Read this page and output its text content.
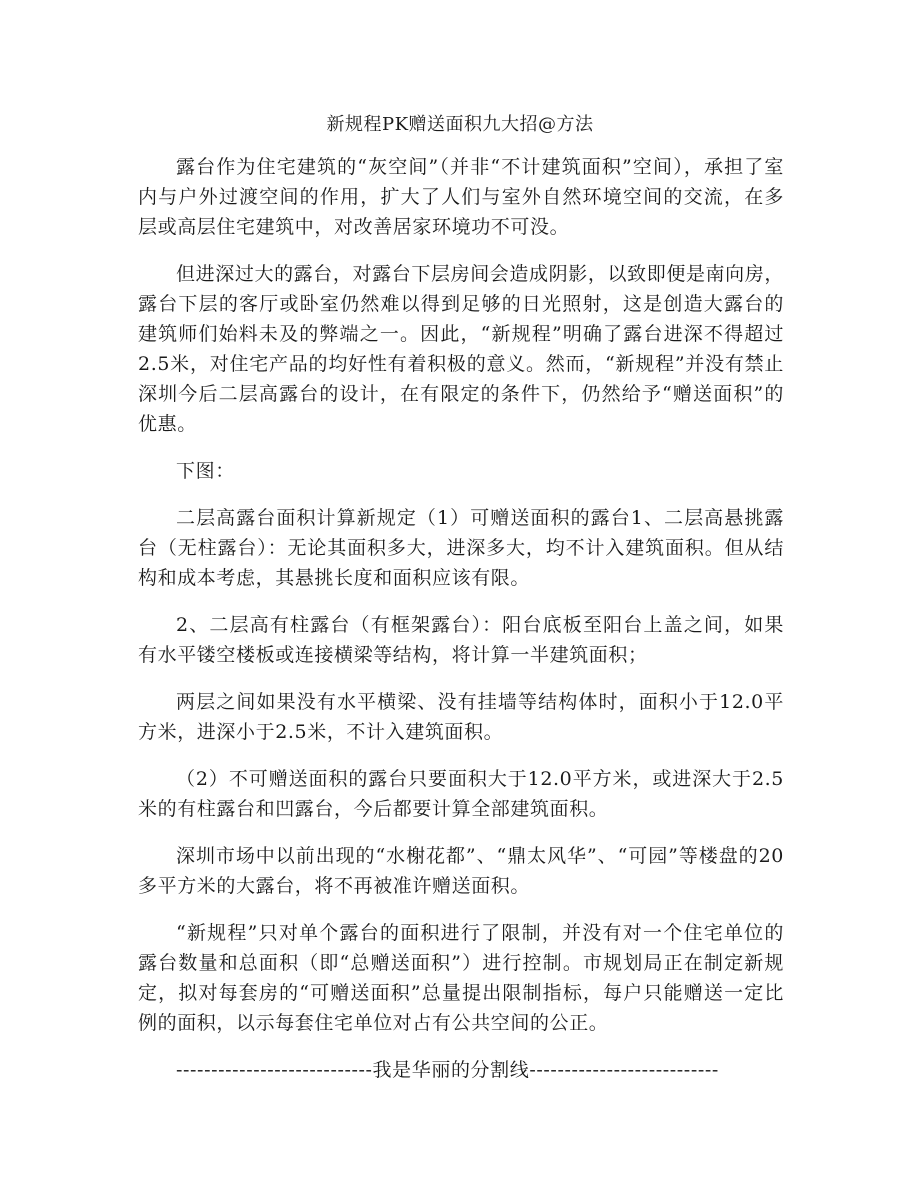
新规程PK赠送面积九大招@方法

露台作为住宅建筑的“灰空间”（并非“不计建筑面积”空间），承担了室内与户外过渡空间的作用，扩大了人们与室外自然环境空间的交流，在多层或高层住宅建筑中，对改善居家环境功不可没。

但进深过大的露台，对露台下层房间会造成阴影，以致即便是南向房，露台下层的客厅或卧室仍然难以得到足够的日光照射，这是创造大露台的建筑师们始料未及的弊端之一。因此，“新规程”明确了露台进深不得超过2.5米，对住宅产品的均好性有着积极的意义。然而，“新规程”并没有禁止深圳今后二层高露台的设计，在有限定的条件下，仍然给予“赠送面积”的优惠。

下图：

二层高露台面积计算新规定（1）可赠送面积的露台1、二层高悬挑露台（无柱露台）：无论其面积多大，进深多大，均不计入建筑面积。但从结构和成本考虑，其悬挑长度和面积应该有限。

2、二层高有柱露台（有框架露台）：阳台底板至阳台上盖之间，如果有水平镂空楼板或连接横梁等结构，将计算一半建筑面积；

两层之间如果没有水平横梁、没有挂墙等结构体时，面积小于12.0平方米，进深小于2.5米，不计入建筑面积。

（2）不可赠送面积的露台只要面积大于12.0平方米，或进深大于2.5米的有柱露台和凹露台，今后都要计算全部建筑面积。

深圳市场中以前出现的“水榭花都”、“鼎太风华”、“可园”等楼盘的20多平方米的大露台，将不再被准许赠送面积。

“新规程”只对单个露台的面积进行了限制，并没有对一个住宅单位的露台数量和总面积（即“总赠送面积”）进行控制。市规划局正在制定新规定，拟对每套房的“可赠送面积”总量提出限制指标，每户只能赠送一定比例的面积，以示每套住宅单位对占有公共空间的公正。

----------------------------我是华丽的分割线---------------------------
